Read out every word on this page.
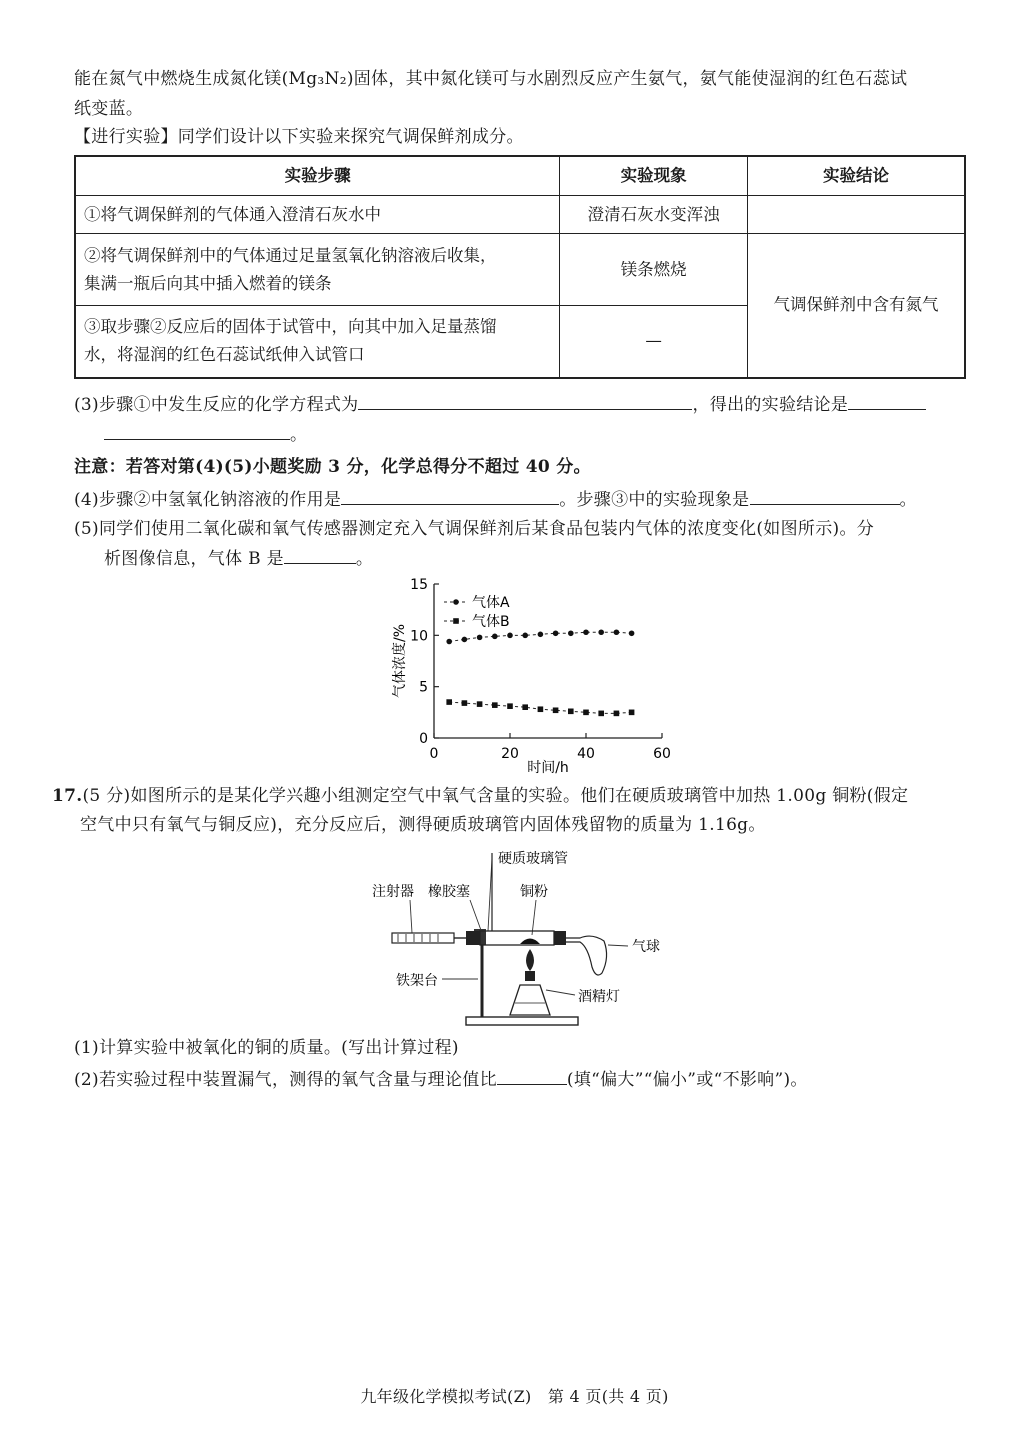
能在氮气中燃烧生成氮化镁(Mg₃N₂)固体，其中氮化镁可与水剧烈反应产生氨气，氨气能使湿润的红色石蕊试
纸变蓝。
【进行实验】同学们设计以下实验来探究气调保鲜剂成分。
实验步骤	实验现象	实验结论
①将气调保鲜剂的气体通入澄清石灰水中	澄清石灰水变浑浊	

②将气调保鲜剂中的气体通过足量氢氧化钠溶液后收集，
集满一瓶后向其中插入燃着的镁条	镁条燃烧	气调保鲜剂中含有氮气

③取步骤②反应后的固体于试管中，向其中加入足量蒸馏
水，将湿润的红色石蕊试纸伸入试管口	—	
(3)步骤①中发生反应的化学方程式为	，得出的实验结论是
。
注意：若答对第(4)(5)小题奖励 3 分，化学总得分不超过 40 分。
(4)步骤②中氢氧化钠溶液的作用是	。步骤③中的实验现象是	。
(5)同学们使用二氧化碳和氧气传感器测定充入气调保鲜剂后某食品包装内气体的浓度变化(如图所示)。分
析图像信息，气体 B 是	。
0
5
10
15
0	20	40	60
气体A
气体B
时间/h
气体浓度/%
17.(5 分)如图所示的是某化学兴趣小组测定空气中氧气含量的实验。他们在硬质玻璃管中加热 1.00g 铜粉(假定
空气中只有氧气与铜反应)，充分反应后，测得硬质玻璃管内固体残留物的质量为 1.16g。
硬质玻璃管
注射器 橡胶塞	铜粉
气球
铁架台
酒精灯
(1)计算实验中被氧化的铜的质量。(写出计算过程)
(2)若实验过程中装置漏气，测得的氧气含量与理论值比	(填“偏大”“偏小”或“不影响”)。
九年级化学模拟考试(Z)　第 4 页(共 4 页)
